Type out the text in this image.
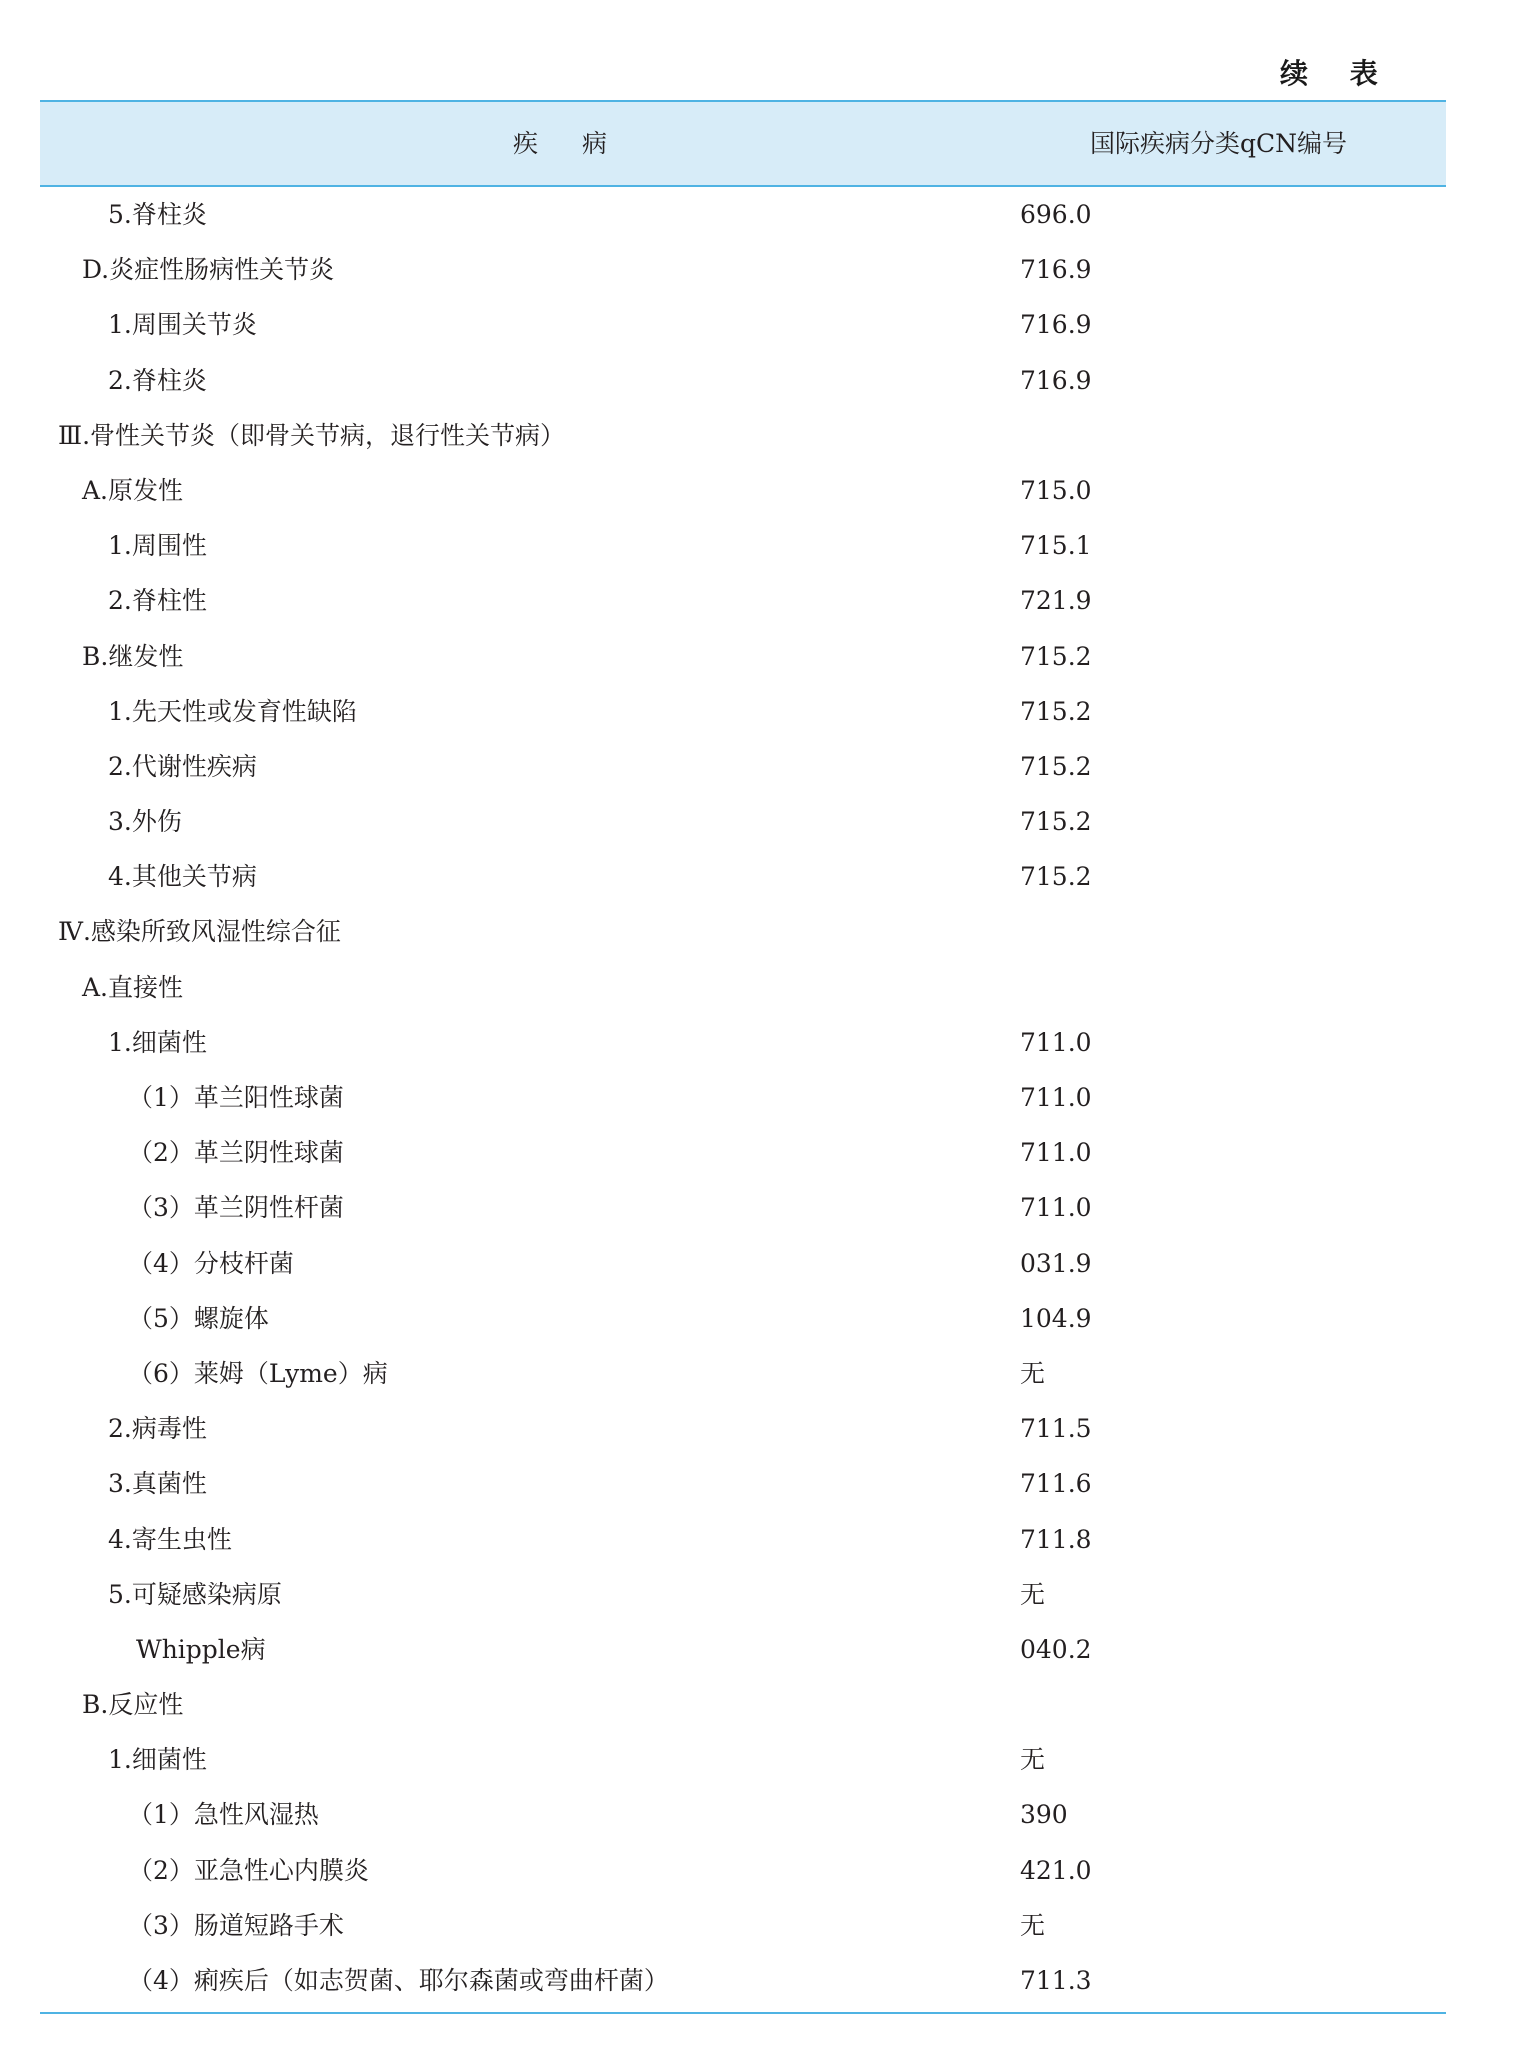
续 表
疾病	国际疾病分类qCN编号
5.脊柱炎	696.0
D.炎症性肠病性关节炎	716.9
1.周围关节炎	716.9
2.脊柱炎	716.9
Ⅲ.骨性关节炎（即骨关节病，退行性关节病）
A.原发性	715.0
1.周围性	715.1
2.脊柱性	721.9
B.继发性	715.2
1.先天性或发育性缺陷	715.2
2.代谢性疾病	715.2
3.外伤	715.2
4.其他关节病	715.2
Ⅳ.感染所致风湿性综合征
A.直接性
1.细菌性	711.0
（1）革兰阳性球菌	711.0
（2）革兰阴性球菌	711.0
（3）革兰阴性杆菌	711.0
（4）分枝杆菌	031.9
（5）螺旋体	104.9
（6）莱姆（Lyme）病	无
2.病毒性	711.5
3.真菌性	711.6
4.寄生虫性	711.8
5.可疑感染病原	无
Whipple病	040.2
B.反应性
1.细菌性	无
（1）急性风湿热	390
（2）亚急性心内膜炎	421.0
（3）肠道短路手术	无
（4）痢疾后（如志贺菌、耶尔森菌或弯曲杆菌）	711.3
